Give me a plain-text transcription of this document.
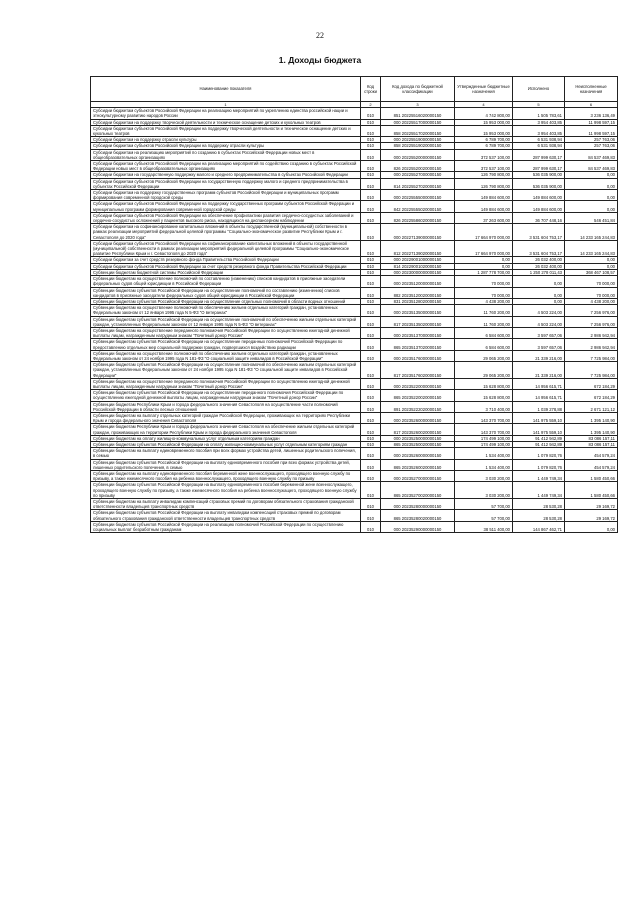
22
1. Доходы бюджета
Наименование показателя	Код строки	Код дохода по бюджетной классификации	Утвержденные бюджетные назначения	Исполнено	Неисполненные назначения
1	2	3	4	5	6
Субсидии бюджетам субъектов Российской Федерации на реализацию мероприятий по укреплению единства российской нации и этнокультурному развитию народов России	010	851 20225516020000150	4 742 800,00	1 505 783,61	3 236 136,49
Субсидии бюджетам на поддержку творческой деятельности и техническое оснащение детских и кукольных театров	010	000 20225517000000150	15 953 000,00	3 954 403,85	11 998 597,15
Субсидии бюджетам субъектов Российской Федерации на поддержку творческой деятельности и техническое оснащение детских и кукольных театров	010	858 20225517020000150	15 953 000,00	3 954 403,85	11 998 597,15
Субсидии бюджетам на поддержку отрасли культуры	010	000 20225519000000150	6 789 700,00	6 531 938,94	257 763,06
Субсидии бюджетам субъектов Российской Федерации на поддержку отрасли культуры	010	858 20225519020000150	6 789 700,00	6 531 938,94	257 763,06
Субсидии бюджетам на реализацию мероприятий по созданию в субъектах Российской Федерации новых мест в общеобразовательных организациях	010	000 20225520000000150	372 537 100,00	287 999 630,17	84 537 469,83
Субсидии бюджетам субъектов Российской Федерации на реализацию мероприятий по содействию созданию в субъектах Российской Федерации новых мест в общеобразовательных организациях	010	826 20225520020000150	372 537 100,00	287 999 630,17	84 537 469,83
Субсидии бюджетам на государственную поддержку малого и среднего предпринимательства в субъектах Российской Федерации	010	000 20225527000000150	126 790 800,00	536 035 900,00	0,00
Субсидии бюджетам субъектов Российской Федерации на государственную поддержку малого и среднего предпринимательства в субъектах Российской Федерации	010	814 20225527020000150	126 790 800,00	536 035 900,00	0,00
Субсидии бюджетам на поддержку государственных программ субъектов Российской Федерации и муниципальных программ формирования современной городской среды	010	000 20225555000000150	149 884 600,00	149 884 600,00	0,00
Субсидии бюджетам субъектов Российской Федерации на поддержку государственных программ субъектов Российской Федерации и муниципальных программ формирования современной городской среды	010	842 20225555020000150	149 884 600,00	149 884 600,00	0,00
Субсидии бюджетам субъектов Российской Федерации на обеспечение профилактики развития сердечно-сосудистых заболеваний и сердечно-сосудистых осложнений у пациентов высокого риска, находящихся на диспансерном наблюдении	010	826 20225586020000150	37 263 600,00	36 707 448,16	546 451,84
Субсидии бюджетам на софинансирование капитальных вложений в объекты государственной (муниципальной) собственности в рамках реализации мероприятий федеральной целевой программы "Социально-экономическое развитие Республики Крым и г. Севастополя до 2020 года"	010	000 20227139000000150	17 664 970 000,00	3 531 604 753,17	14 233 165 244,83
Субсидии бюджетам субъектов Российской Федерации на софинансирование капитальных вложений в объекты государственной (муниципальной) собственности в рамках реализации мероприятий федеральной целевой программы "Социально-экономическое развитие Республики Крым и г. Севастополя до 2020 года"	010	812 20227139020000150	17 664 970 000,00	3 531 604 753,17	14 233 165 244,83
Субсидии бюджетам за счет средств резервного фонда Правительства Российской Федерации	010	000 20229001000000150	0,00	26 032 400,00	0,00
Субсидии бюджетам субъектов Российской Федерации за счет средств резервного фонда Правительства Российской Федерации	010	814 20229001020000150	0,00	26 032 400,00	0,00
Субвенции бюджетам бюджетной системы Российской Федерации	010	000 20230000000000150	1 287 778 700,00	1 250 278 011,43	368 467 108,57
Субвенции бюджетам на осуществление полномочий по составлению (изменению) списков кандидатов в присяжные заседатели федеральных судов общей юрисдикции в Российской Федерации	010	000 20235120000000150	70 000,00	0,00	70 000,00
Субвенции бюджетам субъектов Российской Федерации на осуществление полномочий по составлению (изменению) списков кандидатов в присяжные заседатели федеральных судов общей юрисдикции в Российской Федерации	010	882 20235120020000150	70 000,00	0,00	70 000,00
Субвенции бюджетам субъектов Российской Федерации на осуществление отдельных полномочий в области водных отношений	010	831 20235128020000150	4 438 200,00	0,00	4 438 200,00
Субвенции бюджетам на осуществление полномочий по обеспечению жильем отдельных категорий граждан, установленных Федеральным законом от 12 января 1995 года N 5-ФЗ "О ветеранах"	010	000 20235135000000150	11 760 200,00	4 503 224,00	7 256 976,00
Субвенции бюджетам субъектов Российской Федерации на осуществление полномочий по обеспечению жильем отдельных категорий граждан, установленных Федеральным законом от 12 января 1995 года N 5-ФЗ "О ветеранах"	010	817 20235135020000150	11 760 200,00	4 503 224,00	7 256 976,00
Субвенции бюджетам на осуществление переданного полномочия Российской Федерации по осуществлению ежегодной денежной выплаты лицам, награжденным нагрудным знаком "Почетный донор России"	010	000 20235137000000150	6 584 600,00	3 597 657,06	2 986 942,94
Субвенции бюджетам субъектов Российской Федерации на осуществление переданных полномочий Российской Федерации по предоставлению отдельных мер социальной поддержки граждан, подвергшихся воздействию радиации	010	865 20235137020000150	6 584 600,00	3 597 657,06	2 986 942,94
Субвенции бюджетам на осуществление полномочий по обеспечению жильем отдельных категорий граждан, установленных Федеральным законом от 24 ноября 1995 года N 181-ФЗ "О социальной защите инвалидов в Российской Федерации"	010	000 20235176000000150	29 065 200,00	21 339 216,00	7 725 984,00
Субвенции бюджетам субъектов Российской Федерации на осуществление полномочий по обеспечению жильем отдельных категорий граждан, установленных Федеральным законом от 24 ноября 1995 года N 181-ФЗ "О социальной защите инвалидов в Российской Федерации"	010	817 20235176020000150	29 065 200,00	21 339 216,00	7 725 984,00
Субвенции бюджетам на осуществление переданного полномочия Российской Федерации по осуществлению ежегодной денежной выплаты лицам, награжденным нагрудным знаком "Почетный донор России"	010	000 20235220000000150	15 628 800,00	14 956 615,71	672 184,29
Субвенции бюджетам субъектов Российской Федерации на осуществление переданного полномочия Российской Федерации по осуществлению ежегодной денежной выплаты лицам, награжденным нагрудным знаком "Почетный донор России"	010	865 20235220020000150	15 628 800,00	14 956 615,71	672 184,29
Субвенции бюджетам Республики Крым и города федерального значения Севастополя на осуществление части полномочий Российской Федерации в области лесных отношений	010	891 20235222020000150	3 710 400,00	1 039 278,88	2 671 121,12
Субвенции бюджетам на выплату отдельных категорий граждан Российской Федерации, проживающих на территориях Республики Крым и города федерального значения Севастополя	010	000 20235260000000150	143 370 700,00	141 975 559,10	1 395 140,90
Субвенции бюджетам Республики Крым и города федерального значения Севастополя на обеспечение жильем отдельных категорий граждан, проживающих на территории Республики Крым и города федерального значения Севастополя	010	817 20235260020000150	143 370 700,00	141 975 559,10	1 395 140,90
Субвенции бюджетам на оплату жилищно-коммунальных услуг отдельным категориям граждан	010	000 20235250000000150	174 499 100,00	91 412 942,89	83 086 157,11
Субвенции бюджетам субъектов Российской Федерации на оплату жилищно-коммунальных услуг отдельным категориям граждан	010	865 20235250020000150	174 499 100,00	91 412 942,89	83 086 157,11
Субвенции бюджетам на выплату единовременного пособия при всех формах устройства детей, лишенных родительского попечения, в семью	010	000 20235260000000150	1 534 400,00	1 079 820,76	454 579,24
Субвенции бюджетам субъектов Российской Федерации на выплату единовременного пособия при всех формах устройства детей, лишенных родительского попечения, в семью	010	865 20235260020000150	1 534 400,00	1 079 820,76	454 579,24
Субвенции бюджетам на выплату единовременного пособия беременной жене военнослужащего, проходящего военную службу по призыву, а также ежемесячного пособия на ребенка военнослужащего, проходящего военную службу по призыву	010	000 20235270000000150	3 030 200,00	1 449 749,34	1 580 450,66
Субвенции бюджетам субъектов Российской Федерации на выплату единовременного пособия беременной жене военнослужащего, проходящего военную службу по призыву, а также ежемесячного пособия на ребенка военнослужащего, проходящего военную службу по призыву	010	865 20235270020000150	3 030 200,00	1 449 749,34	1 580 450,66
Субвенции бюджетам на выплату инвалидам компенсаций страховых премий по договорам обязательного страхования гражданской ответственности владельцев транспортных средств	010	000 20235280000000150	57 700,00	28 530,28	29 169,72
Субвенции бюджетам субъектов Российской Федерации на выплату инвалидам компенсаций страховых премий по договорам обязательного страхования гражданской ответственности владельцев транспортных средств	010	865 20235280020000150	57 700,00	28 530,28	29 169,72
Субвенции бюджетам субъектов Российской Федерации на реализацию полномочий Российской Федерации по осуществлению социальных выплат безработным гражданам	010	000 20235290000000150	38 511 400,00	144 867 462,71	0,00
